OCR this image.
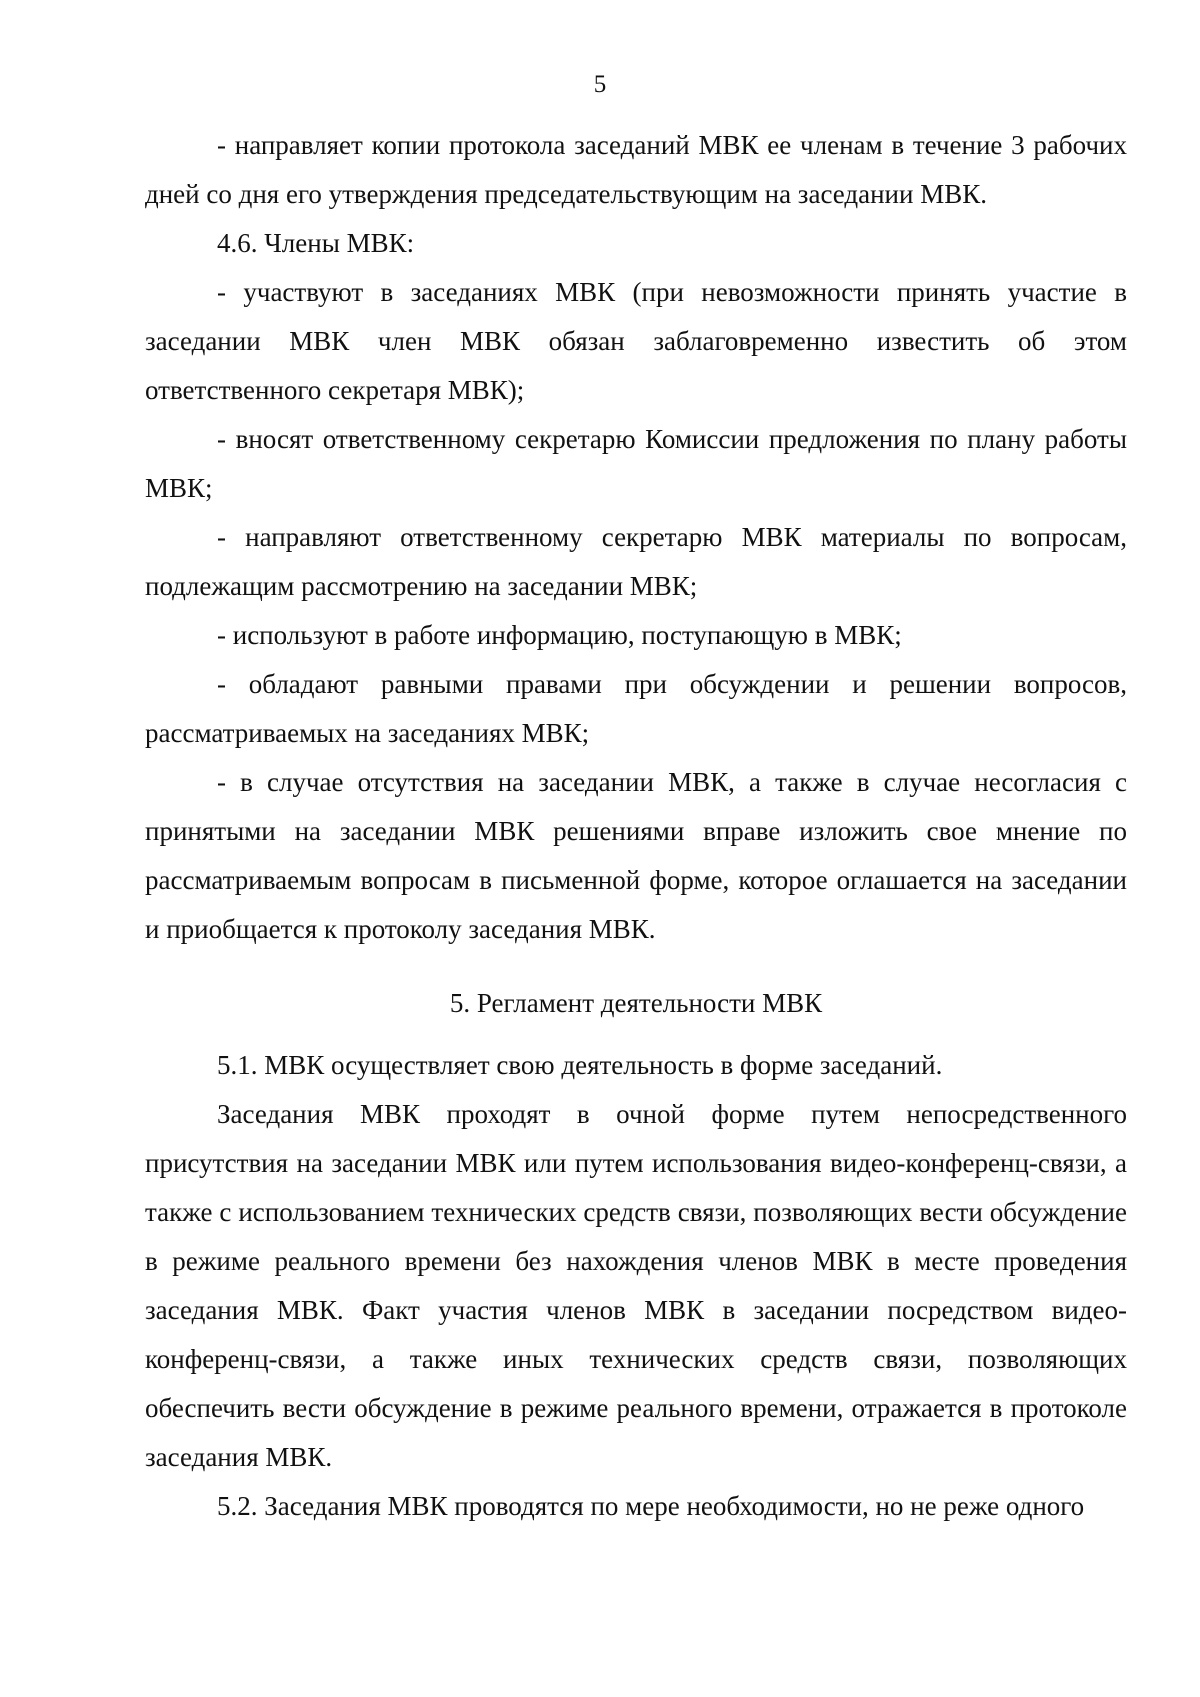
5

- направляет копии протокола заседаний МВК ее членам в течение 3 рабочих дней со дня его утверждения председательствующим на заседании МВК.

4.6. Члены МВК:

- участвуют в заседаниях МВК (при невозможности принять участие в заседании МВК член МВК обязан заблаговременно известить об этом ответственного секретаря МВК);

- вносят ответственному секретарю Комиссии предложения по плану работы МВК;

- направляют ответственному секретарю МВК материалы по вопросам, подлежащим рассмотрению на заседании МВК;

- используют в работе информацию, поступающую в МВК;

- обладают равными правами при обсуждении и решении вопросов, рассматриваемых на заседаниях МВК;

- в случае отсутствия на заседании МВК, а также в случае несогласия с принятыми на заседании МВК решениями вправе изложить свое мнение по рассматриваемым вопросам в письменной форме, которое оглашается на заседании и приобщается к протоколу заседания МВК.

5. Регламент деятельности МВК

5.1. МВК осуществляет свою деятельность в форме заседаний.

Заседания МВК проходят в очной форме путем непосредственного присутствия на заседании МВК или путем использования видео-конференц-связи, а также с использованием технических средств связи, позволяющих вести обсуждение в режиме реального времени без нахождения членов МВК в месте проведения заседания МВК. Факт участия членов МВК в заседании посредством видео-конференц-связи, а также иных технических средств связи, позволяющих обеспечить вести обсуждение в режиме реального времени, отражается в протоколе заседания МВК.

5.2. Заседания МВК проводятся по мере необходимости, но не реже одного
